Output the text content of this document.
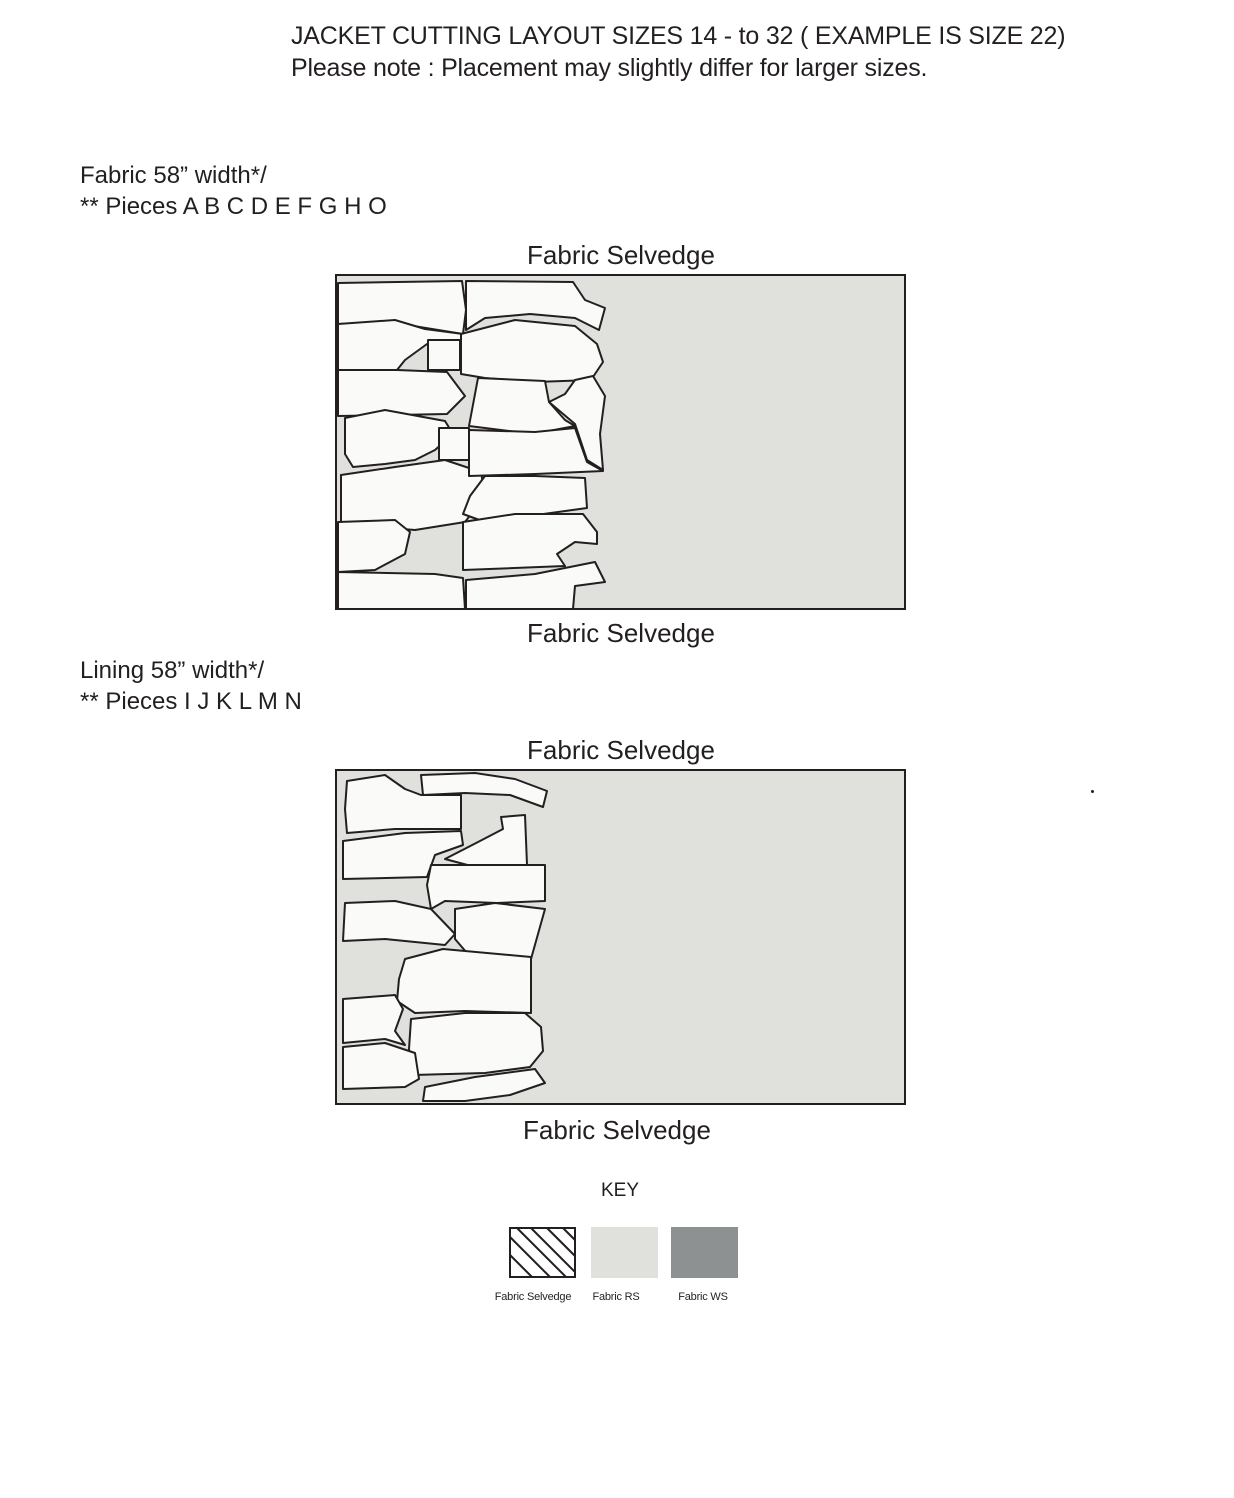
JACKET CUTTING LAYOUT SIZES 14 - to 32 ( EXAMPLE IS SIZE 22)
Please note : Placement may slightly differ for larger sizes.
Fabric 58” width*/
** Pieces A B C D E F G H O
Fabric Selvedge
Fabric Selvedge
Lining 58” width*/
** Pieces I J K L M N
Fabric Selvedge
Fabric Selvedge
KEY
Fabric Selvedge	Fabric RS	Fabric WS
